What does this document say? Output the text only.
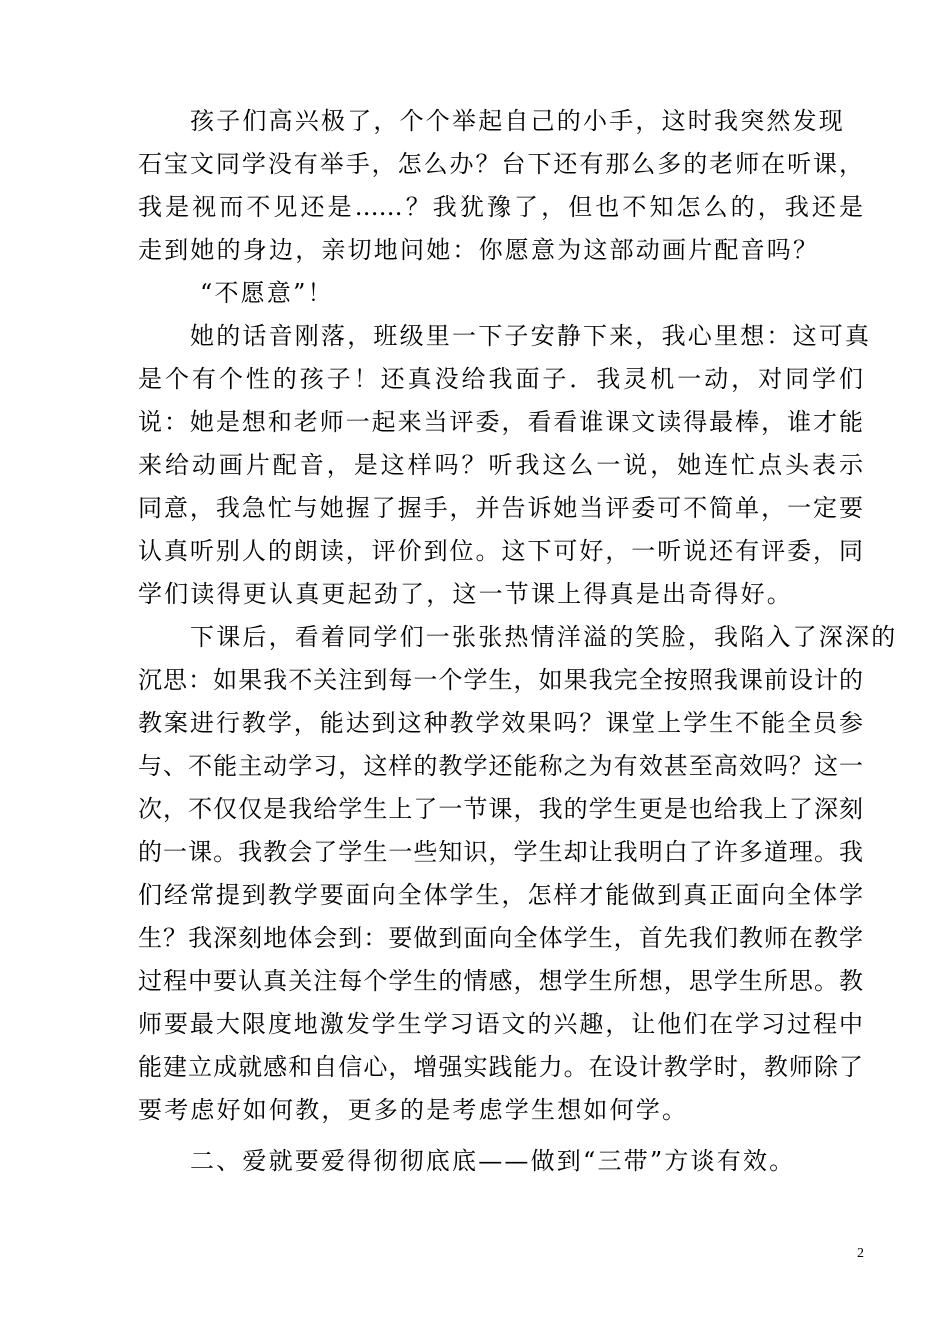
孩子们高兴极了，个个举起自己的小手，这时我突然发现
石宝文同学没有举手，怎么办？台下还有那么多的老师在听课，
我是视而不见还是……？我犹豫了，但也不知怎么的，我还是
走到她的身边，亲切地问她：你愿意为这部动画片配音吗？
“不愿意”！
她的话音刚落，班级里一下子安静下来，我心里想：这可真
是个有个性的孩子！还真没给我面子．我灵机一动，对同学们
说：她是想和老师一起来当评委，看看谁课文读得最棒，谁才能
来给动画片配音，是这样吗？听我这么一说，她连忙点头表示
同意，我急忙与她握了握手，并告诉她当评委可不简单，一定要
认真听别人的朗读，评价到位。这下可好，一听说还有评委，同
学们读得更认真更起劲了，这一节课上得真是出奇得好。
下课后，看着同学们一张张热情洋溢的笑脸，我陷入了深深的
沉思：如果我不关注到每一个学生，如果我完全按照我课前设计的
教案进行教学，能达到这种教学效果吗？课堂上学生不能全员参
与、不能主动学习，这样的教学还能称之为有效甚至高效吗？这一
次，不仅仅是我给学生上了一节课，我的学生更是也给我上了深刻
的一课。我教会了学生一些知识，学生却让我明白了许多道理。我
们经常提到教学要面向全体学生，怎样才能做到真正面向全体学
生？我深刻地体会到：要做到面向全体学生，首先我们教师在教学
过程中要认真关注每个学生的情感，想学生所想，思学生所思。教
师要最大限度地激发学生学习语文的兴趣，让他们在学习过程中
能建立成就感和自信心，增强实践能力。在设计教学时，教师除了
要考虑好如何教，更多的是考虑学生想如何学。
二、爱就要爱得彻彻底底——做到“三带”方谈有效。
2
